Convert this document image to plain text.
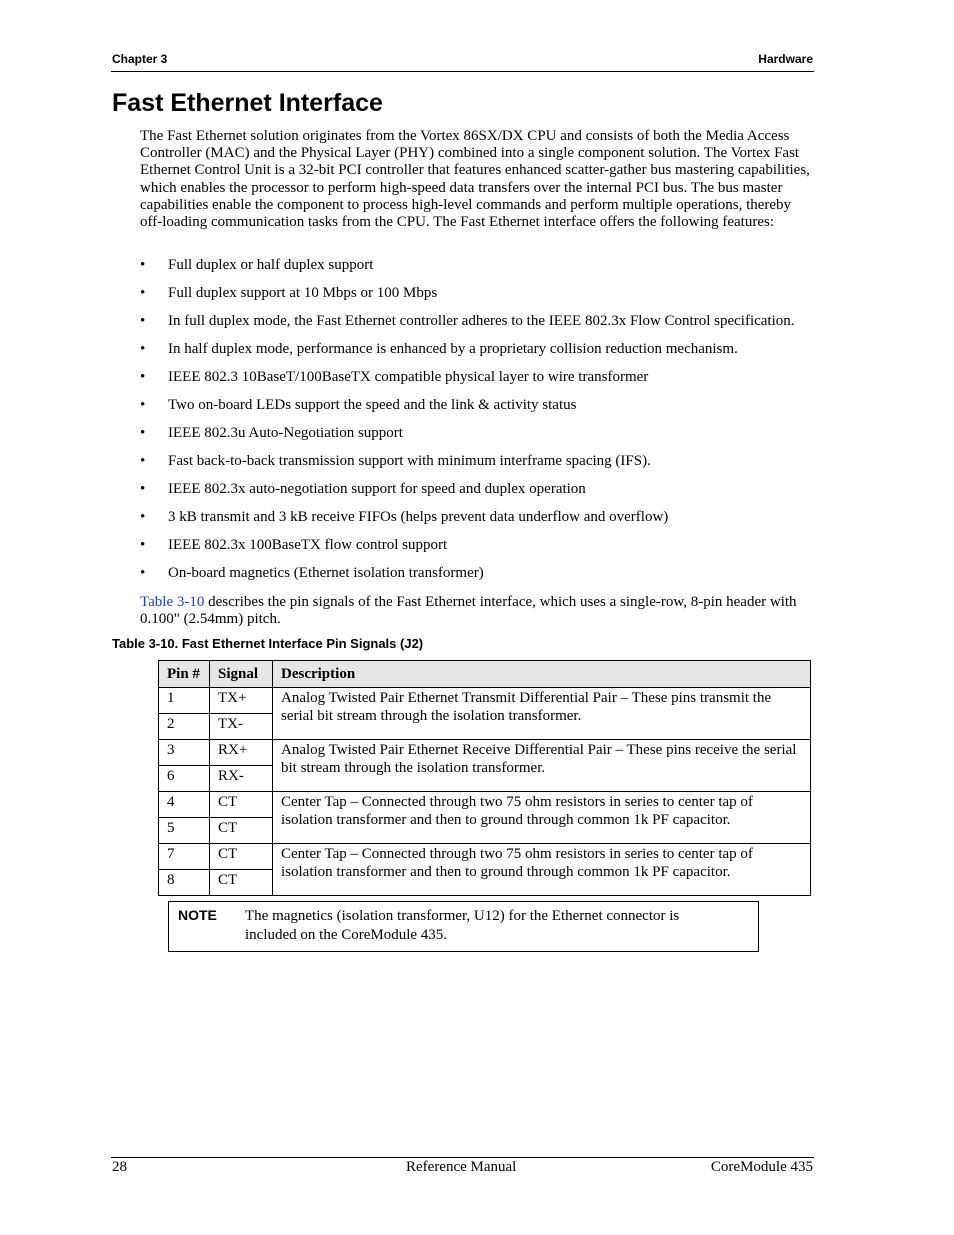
Chapter 3	Hardware
Fast Ethernet Interface

The Fast Ethernet solution originates from the Vortex 86SX/DX CPU and consists of both the Media Access Controller (MAC) and the Physical Layer (PHY) combined into a single component solution. The Vortex Fast Ethernet Control Unit is a 32-bit PCI controller that features enhanced scatter-gather bus mastering capabilities, which enables the processor to perform high-speed data transfers over the internal PCI bus. The bus master capabilities enable the component to process high-level commands and perform multiple operations, thereby off-loading communication tasks from the CPU. The Fast Ethernet interface offers the following features:

• Full duplex or half duplex support
• Full duplex support at 10 Mbps or 100 Mbps
• In full duplex mode, the Fast Ethernet controller adheres to the IEEE 802.3x Flow Control specification.
• In half duplex mode, performance is enhanced by a proprietary collision reduction mechanism.
• IEEE 802.3 10BaseT/100BaseTX compatible physical layer to wire transformer
• Two on-board LEDs support the speed and the link & activity status
• IEEE 802.3u Auto-Negotiation support
• Fast back-to-back transmission support with minimum interframe spacing (IFS).
• IEEE 802.3x auto-negotiation support for speed and duplex operation
• 3 kB transmit and 3 kB receive FIFOs (helps prevent data underflow and overflow)
• IEEE 802.3x 100BaseTX flow control support
• On-board magnetics (Ethernet isolation transformer)

Table 3-10 describes the pin signals of the Fast Ethernet interface, which uses a single-row, 8-pin header with 0.100" (2.54mm) pitch.

Table 3-10. Fast Ethernet Interface Pin Signals (J2)
Pin #	Signal	Description
1	TX+	Analog Twisted Pair Ethernet Transmit Differential Pair – These pins transmit the serial bit stream through the isolation transformer.
2	TX-	
3	RX+	Analog Twisted Pair Ethernet Receive Differential Pair – These pins receive the serial bit stream through the isolation transformer.
6	RX-	
4	CT	Center Tap – Connected through two 75 ohm resistors in series to center tap of isolation transformer and then to ground through common 1k PF capacitor.
5	CT	
7	CT	Center Tap – Connected through two 75 ohm resistors in series to center tap of isolation transformer and then to ground through common 1k PF capacitor.
8	CT	
NOTE The magnetics (isolation transformer, U12) for the Ethernet connector is included on the CoreModule 435.
28	Reference Manual	CoreModule 435
